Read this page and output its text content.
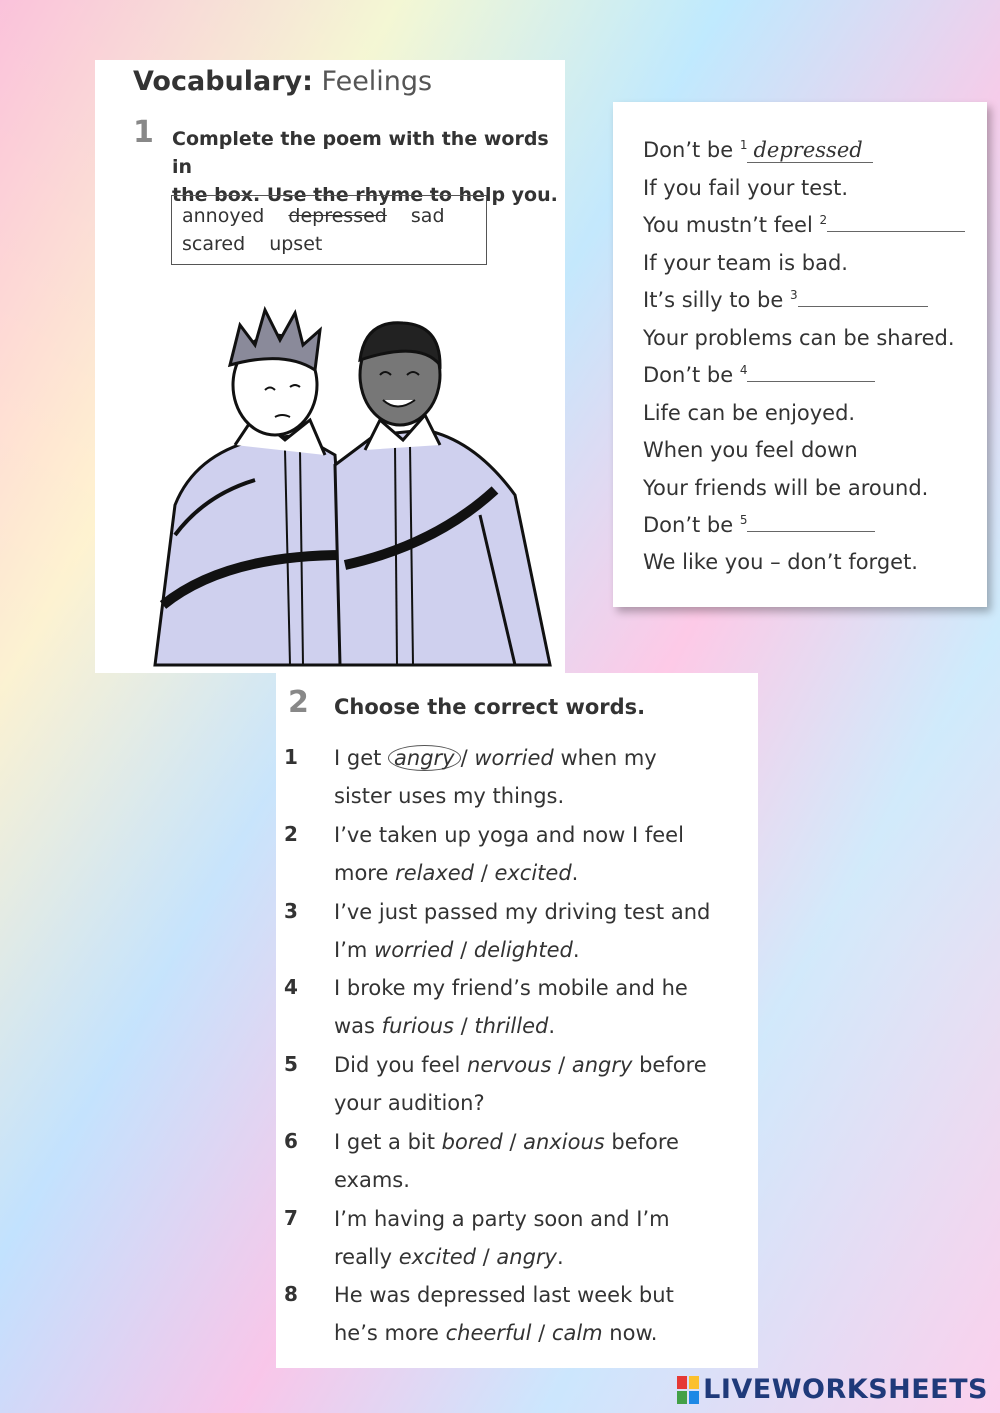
Vocabulary: Feelings
1 Complete the poem with the words in
the box. Use the rhyme to help you.
annoyed depressed sad
scared upset
Don’t be $^1$ depressed
If you fail your test.
You mustn’t feel $^2$
If your team is bad.
It’s silly to be $^3$
Your problems can be shared.
Don’t be $^4$
Life can be enjoyed.
When you feel down
Your friends will be around.
Don’t be $^5$
We like you – don’t forget.
2 Choose the correct words.
1 I get angry / worried when my
sister uses my things.
2 I’ve taken up yoga and now I feel
more relaxed / excited.
3 I’ve just passed my driving test and
I’m worried / delighted.
4 I broke my friend’s mobile and he
was furious / thrilled.
5 Did you feel nervous / angry before
your audition?
6 I get a bit bored / anxious before
exams.
7 I’m having a party soon and I’m
really excited / angry.
8 He was depressed last week but
he’s more cheerful / calm now.
LIVEWORKSHEETS
